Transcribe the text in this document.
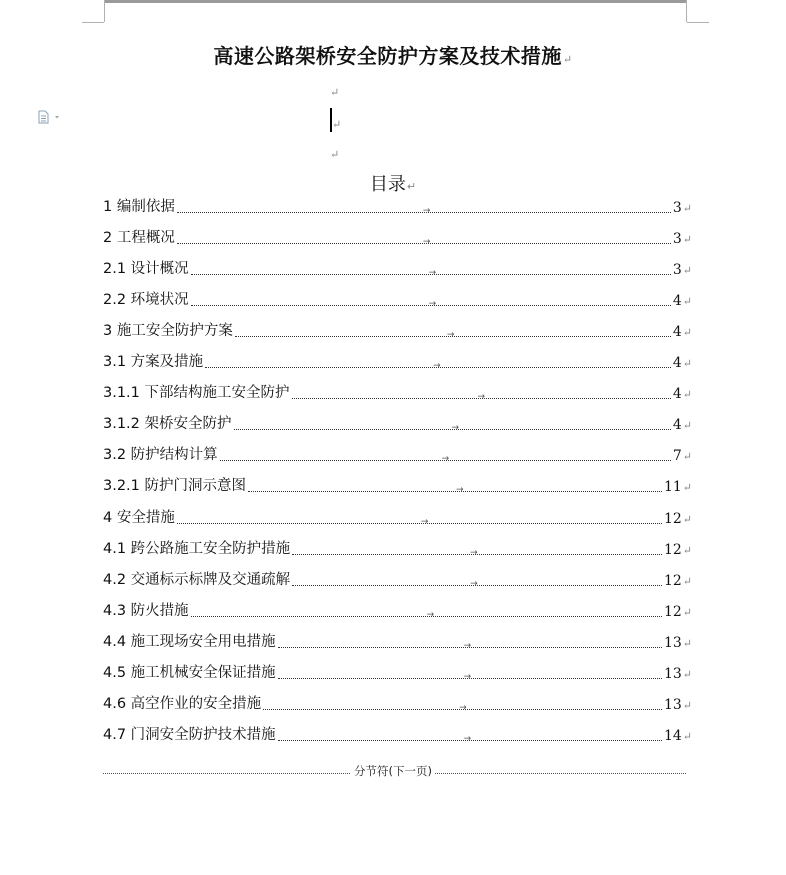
高速公路架桥安全防护方案及技术措施↵
↵
↵
↵
目录↵
1 编制依据	→	3↵
2 工程概况	→	3↵
2.1 设计概况	→	3↵
2.2 环境状况	→	4↵
3 施工安全防护方案	→	4↵
3.1 方案及措施	→	4↵
3.1.1 下部结构施工安全防护	→	4↵
3.1.2 架桥安全防护	→	4↵
3.2 防护结构计算	→	7↵
3.2.1 防护门洞示意图	→	11↵
4 安全措施	→	12↵
4.1 跨公路施工安全防护措施	→	12↵
4.2 交通标示标牌及交通疏解	→	12↵
4.3 防火措施	→	12↵
4.4 施工现场安全用电措施	→	13↵
4.5 施工机械安全保证措施	→	13↵
4.6 高空作业的安全措施	→	13↵
4.7 门洞安全防护技术措施	→	14↵
分节符(下一页)
